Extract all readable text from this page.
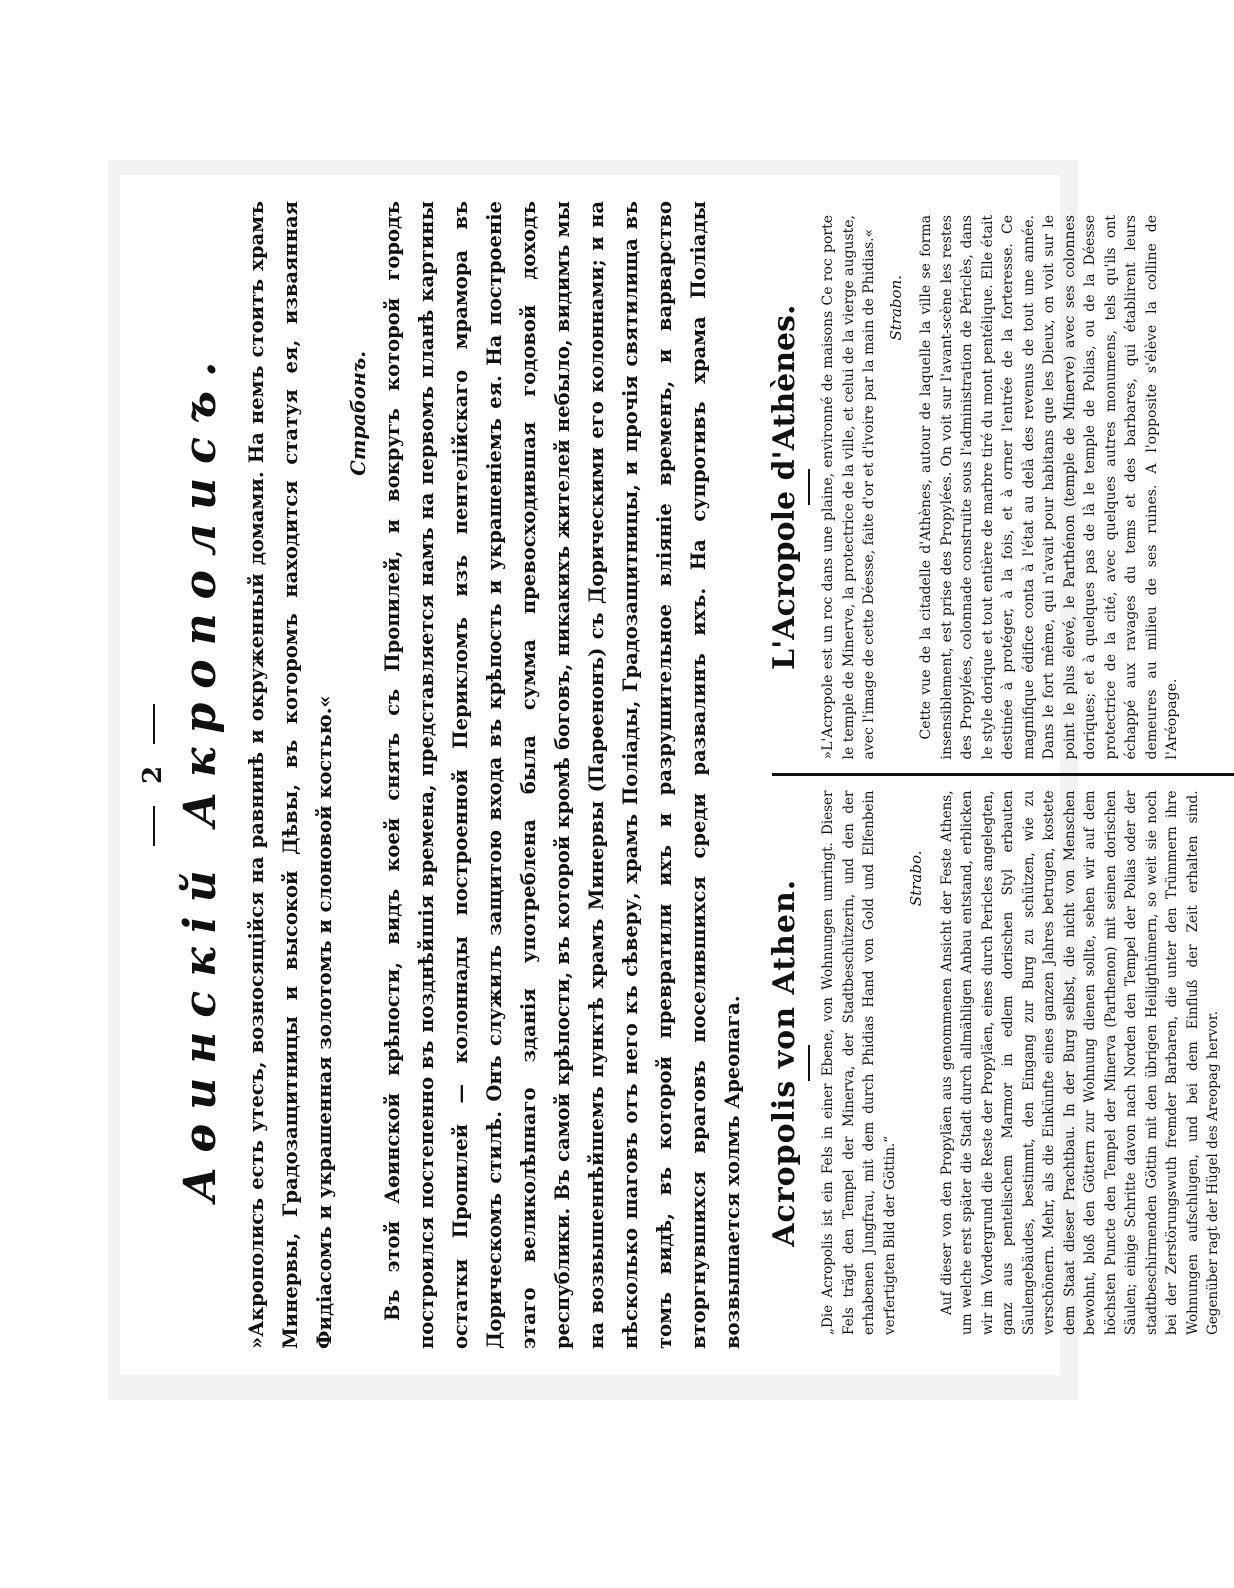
2 Аѳинскій Акрополисъ. »Акрополисъ есть утесъ, возносящійся на равнинѣ и окруженный домами. На немъ стоитъ храмъ Минервы, Градозащитницы и высокой Дѣвы, въ которомъ находится статуя ея, изваянная Фидіасомъ и украшенная золотомъ и слоновой костью.«

Страбонъ. Въ этой Аѳинской крѣпости, видъ коей снятъ съ Пропилей, и вокругъ которой городъ построился постепенно въ позднѣйшія времена, представляется намъ на первомъ планѣ картины остатки Пропилей — колоннады построенной Перикломъ изъ пентелійскаго мрамора въ Дорическомъ стилѣ. Онъ служилъ защитою входа въ крѣпость и украшеніемъ ея. На построеніе этаго великолѣпнаго зданія употреблена была сумма превосходившая годовой доходъ республики. Въ самой крѣпости, въ которой кромѣ боговъ, никакихъ жителей небыло, видимъ мы на возвышеннѣйшемъ пунктѣ храмъ Минервы (Парѳенонъ) съ Дорическими его колоннами; и на нѣсколько шаговъ отъ него къ сѣверу, храмъ Поліады, Градозащитницы, и прочія святилища въ томъ видѣ, въ которой превратили ихъ и разрушительное вліяніе временъ, и варварство вторгнувшихся враговъ поселившихся среди развалинъ ихъ. На супротивъ храма Поліады возвышается холмъ Ареопага. Acropolis von Athen. „Die Acropolis ist ein Fels in einer Ebene, von Wohnungen umringt. Dieser Fels trägt den Tempel der Minerva, der Stadtbeschützerin, und den der erhabenen Jungfrau, mit dem durch Phidias Hand von Gold und Elfenbein verfertigten Bild der Göttin.“

Strabo. Auf dieser von den Propyläen aus genommenen Ansicht der Feste Athens, um welche erst später die Stadt durch allmähligen Anbau entstand, erblicken wir im Vordergrund die Reste der Propyläen, eines durch Pericles angelegten, ganz aus pentelischem Marmor in edlem dorischen Styl erbauten Säulengebäudes, bestimmt, den Eingang zur Burg zu schützen, wie zu verschönern. Mehr, als die Einkünfte eines ganzen Jahres betrugen, kostete dem Staat dieser Prachtbau. In der Burg selbst, die nicht von Menschen bewohnt, bloß den Göttern zur Wohnung dienen sollte, sehen wir auf dem höchsten Puncte den Tempel der Minerva (Parthenon) mit seinen dorischen Säulen; einige Schritte davon nach Norden den Tempel der Polias oder der stadtbeschirmenden Göttin mit den übrigen Heiligthümern, so weit sie noch bei der Zerstörungswuth fremder Barbaren, die unter den Trümmern ihre Wohnungen aufschlugen, und bei dem Einfluß der Zeit erhalten sind. Gegenüber ragt der Hügel des Areopag hervor.

L'Acropole d'Athènes. »L'Acropole est un roc dans une plaine, environné de maisons Ce roc porte le temple de Minerve, la protectrice de la ville, et celui de la vierge auguste, avec l'image de cette Déesse, faite d'or et d'ivoire par la main de Phidias.« Strabon. Cette vue de la citadelle d'Athènes, autour de laquelle la ville se forma insensiblement, est prise des Propylées. On voit sur l'avant-scène les restes des Propylées, colonnade construite sous l'administration de Périclès, dans le style dorique et tout entière de marbre tiré du mont pentélique. Elle était destinée à protéger, à la fois, et à orner l'entrée de la forteresse. Ce magnifique édifice conta à l'état au delà des revenus de tout une année. Dans le fort même, qui n'avait pour habitans que les Dieux, on voit sur le point le plus élevé, le Parthénon (temple de Minerve) avec ses colonnes doriques; et à quelques pas de là le temple de Polias, ou de la Déesse protectrice de la cité, avec quelques autres monumens, tels qu'ils ont échappé aux ravages du tems et des barbares, qui établirent leurs demeures au milieu de ses ruines. A l'opposite s'élève la colline de l'Aréopage.
